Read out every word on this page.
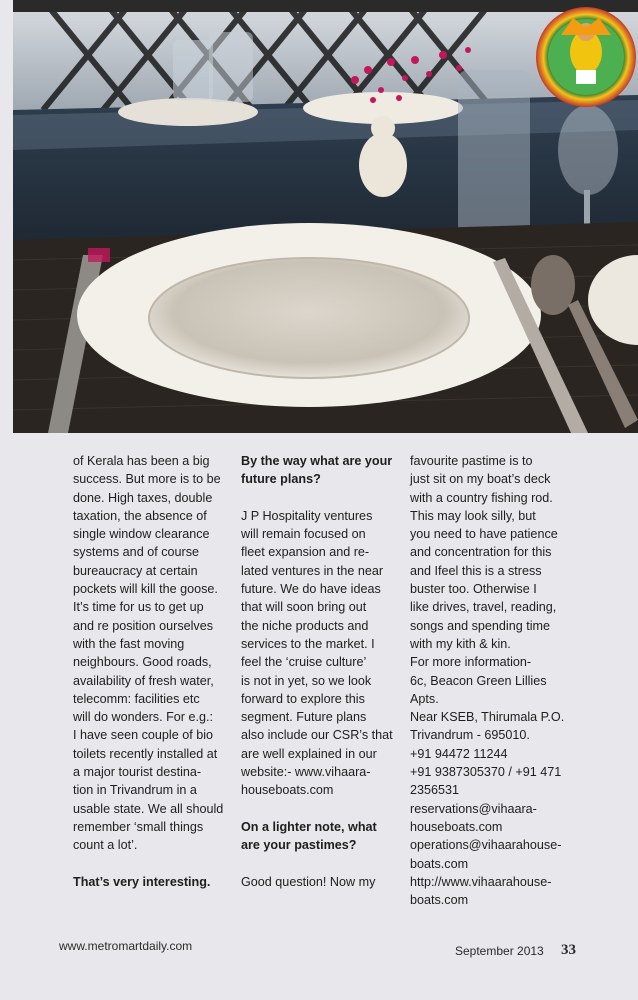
of Kerala has been a big
success. But more is to be
done. High taxes, double
taxation, the absence of
single window clearance
systems and of course
bureaucracy at certain
pockets will kill the goose.
It’s time for us to get up
and re position ourselves
with the fast moving
neighbours. Good roads,
availability of fresh water,
telecomm: facilities etc
will do wonders. For e.g.:
I have seen couple of bio
toilets recently installed at
a major tourist destina-
tion in Trivandrum in a
usable state. We all should
remember ‘small things
count a lot’.
That’s very interesting.
By the way what are your
future plans?
J P Hospitality ventures
will remain focused on
fleet expansion and re-
lated ventures in the near
future. We do have ideas
that will soon bring out
the niche products and
services to the market. I
feel the ‘cruise culture’
is not in yet, so we look
forward to explore this
segment. Future plans
also include our CSR’s that
are well explained in our
website:- www.vihaara-
houseboats.com
On a lighter note, what
are your pastimes?
Good question! Now my
favourite pastime is to
just sit on my boat’s deck
with a country fishing rod.
This may look silly, but
you need to have patience
and concentration for this
and Ifeel this is a stress
buster too. Otherwise I
like drives, travel, reading,
songs and spending time
with my kith & kin.
For more information-
6c, Beacon Green Lillies
Apts.
Near KSEB, Thirumala P.O.
Trivandrum - 695010.
+91 94472 11244
+91 9387305370 / +91 471
2356531
reservations@vihaara-
houseboats.com
operations@vihaarahouse-
boats.com
http://www.vihaarahouse-
boats.com
www.metromartdaily.com	September 2013 33
